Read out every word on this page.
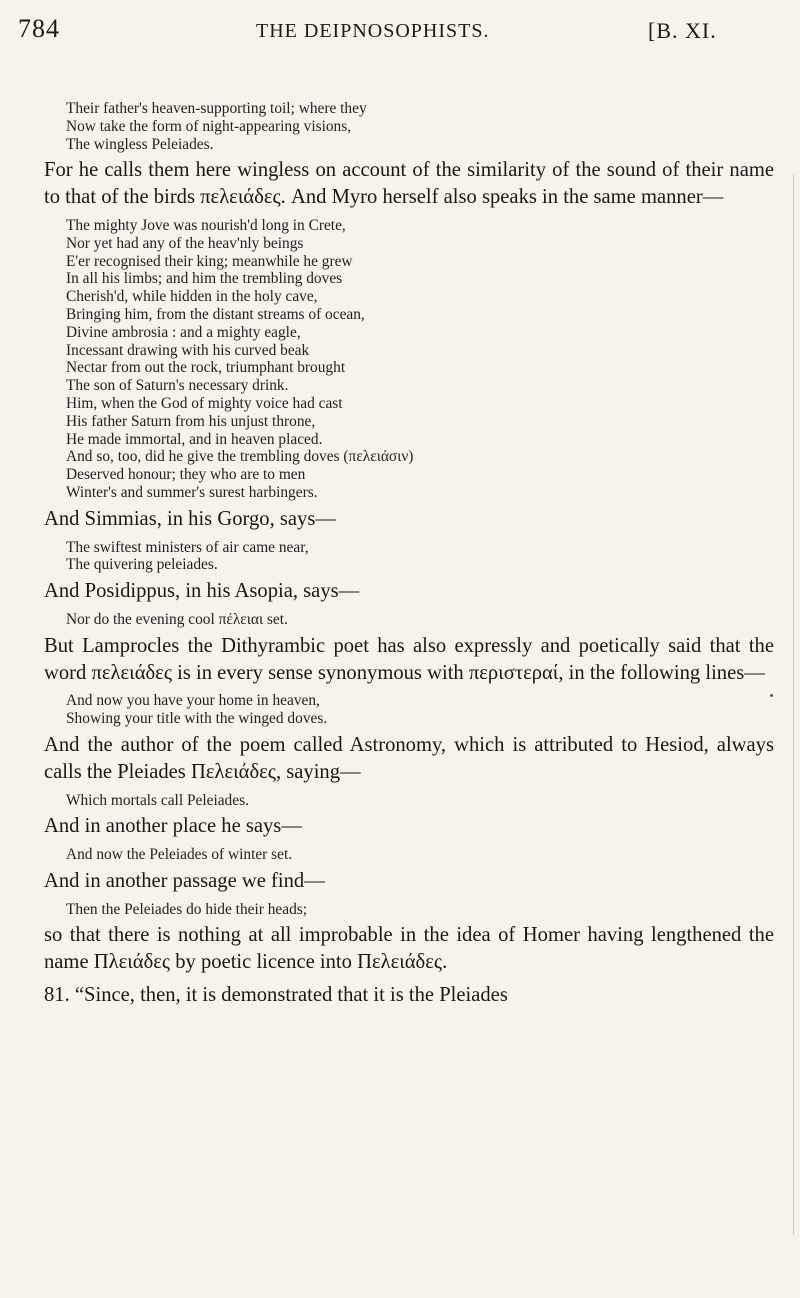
784	THE DEIPNOSOPHISTS.	[B. XI.
Their father's heaven-supporting toil; where they
Now take the form of night-appearing visions,
The wingless Peleiades.
For he calls them here wingless on account of the similarity of the sound of their name to that of the birds πελειάδες. And Myro herself also speaks in the same manner—
The mighty Jove was nourish'd long in Crete,
Nor yet had any of the heav'nly beings
E'er recognised their king; meanwhile he grew
In all his limbs; and him the trembling doves
Cherish'd, while hidden in the holy cave,
Bringing him, from the distant streams of ocean,
Divine ambrosia : and a mighty eagle,
Incessant drawing with his curved beak
Nectar from out the rock, triumphant brought
The son of Saturn's necessary drink.
Him, when the God of mighty voice had cast
His father Saturn from his unjust throne,
He made immortal, and in heaven placed.
And so, too, did he give the trembling doves (πελειάσιν)
Deserved honour; they who are to men
Winter's and summer's surest harbingers.
And Simmias, in his Gorgo, says—
The swiftest ministers of air came near,
The quivering peleiades.
And Posidippus, in his Asopia, says—
Nor do the evening cool πέλειαι set.
But Lamprocles the Dithyrambic poet has also expressly and poetically said that the word πελειάδες is in every sense synonymous with περιστεραί, in the following lines—
And now you have your home in heaven,
Showing your title with the winged doves.
And the author of the poem called Astronomy, which is attributed to Hesiod, always calls the Pleiades Πελειάδες, saying—
Which mortals call Peleiades.
And in another place he says—
And now the Peleiades of winter set.
And in another passage we find—
Then the Peleiades do hide their heads;
so that there is nothing at all improbable in the idea of Homer having lengthened the name Πλειάδες by poetic licence into Πελειάδες.
81. “Since, then, it is demonstrated that it is the Pleiades
